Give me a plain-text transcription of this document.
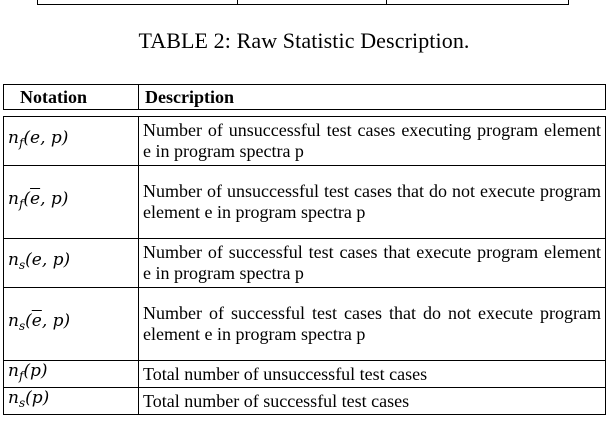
TABLE 2: Raw Statistic Description.
Notation	Description

$n_f(e$, p)	Number of unsuccessful test cases executing program element e in program spectra p
$n_f(\overline{e}$, p)	Number of unsuccessful test cases that do not execute program element e in program spectra p
$n_s(e$, p)	Number of successful test cases that execute program element e in program spectra p
$n_s(\overline{e}$, p)	Number of successful test cases that do not execute program element e in program spectra p
$n_f(p)$	Total number of unsuccessful test cases
$n_s(p)$	Total number of successful test cases
